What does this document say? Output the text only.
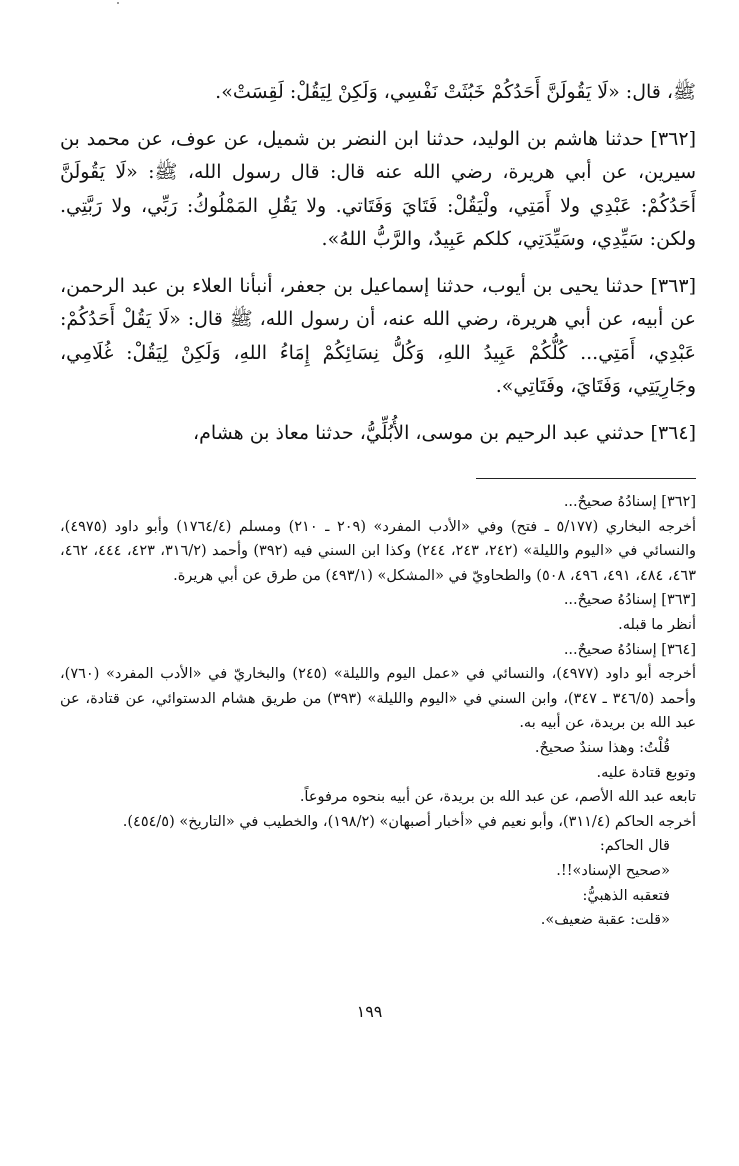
ﷺ، قال: «لَا يَقُولَنَّ أَحَدُكُمْ خَبُثَتْ نَفْسِي، وَلَكِنْ لِيَقُلْ: لَقِسَتْ».

[٣٦٢] حدثنا هاشم بن الوليد، حدثنا ابن النضر بن شميل، عن عوف، عن محمد بن سيرين، عن أبي هريرة، رضي الله عنه قال: قال رسول الله، ﷺ: «لَا يَقُولَنَّ أَحَدُكُمْ: عَبْدِي ولا أَمَتِي، ولْيَقُلْ: فَتَايَ وَفَتَاتي. ولا يَقُلِ المَمْلُوكُ: رَبِّي، ولا رَبَّتِي. ولكن: سَيِّدِي، وسَيِّدَتِي، كلكم عَبِيدٌ، والرَّبُّ اللهُ».

[٣٦٣] حدثنا يحيى بن أيوب، حدثنا إسماعيل بن جعفر، أنبأنا العلاء بن عبد الرحمن، عن أبيه، عن أبي هريرة، رضي الله عنه، أن رسول الله، ﷺ قال: «لَا يَقُلْ أَحَدُكُمْ: عَبْدِي، أَمَتِي... كُلُّكُمْ عَبِيدُ اللهِ، وَكُلُّ نِسَائِكُمْ إِمَاءُ اللهِ، وَلَكِنْ لِيَقُلْ: غُلَامِي، وجَارِيَتِي، وَفَتَايَ، وفَتَاتِي».

[٣٦٤] حدثني عبد الرحيم بن موسى، الأُبُلِّيُّ، حدثنا معاذ بن هشام،

[٣٦٢] إسنادُهُ صحيحٌ...

أخرجه البخاري (٥/١٧٧ ـ فتح) وفي «الأدب المفرد» (٢٠٩ ـ ٢١٠) ومسلم (١٧٦٤/٤) وأبو داود (٤٩٧٥)، والنسائي في «اليوم والليلة» (٢٤٢، ٢٤٣، ٢٤٤) وكذا ابن السني فيه (٣٩٢) وأحمد (٣١٦/٢، ٤٢٣، ٤٤٤، ٤٦٢، ٤٦٣، ٤٨٤، ٤٩١، ٤٩٦، ٥٠٨) والطحاويّ في «المشكل» (٤٩٣/١) من طرق عن أبي هريرة.

[٣٦٣] إسنادُهُ صحيحٌ...

أنظر ما قبله.

[٣٦٤] إسنادُهُ صحيحٌ...

أخرجه أبو داود (٤٩٧٧)، والنسائي في «عمل اليوم والليلة» (٢٤٥) والبخاريّ في «الأدب المفرد» (٧٦٠)، وأحمد (٣٤٦/٥ ـ ٣٤٧)، وابن السني في «اليوم والليلة» (٣٩٣) من طريق هشام الدستوائي، عن قتادة، عن عبد الله بن بريدة، عن أبيه به.

قُلْتُ: وهذا سندٌ صحيحٌ.

وتوبع قتادة عليه.

تابعه عبد الله الأصم، عن عبد الله بن بريدة، عن أبيه بنحوه مرفوعاً.

أخرجه الحاكم (٣١١/٤)، وأبو نعيم في «أخبار أصبهان» (١٩٨/٢)، والخطيب في «التاريخ» (٤٥٤/٥).

قال الحاكم:

«صحيح الإسناد»!!.

فتعقبه الذهبيُّ:

«قلت: عقبة ضعيف».

١٩٩
